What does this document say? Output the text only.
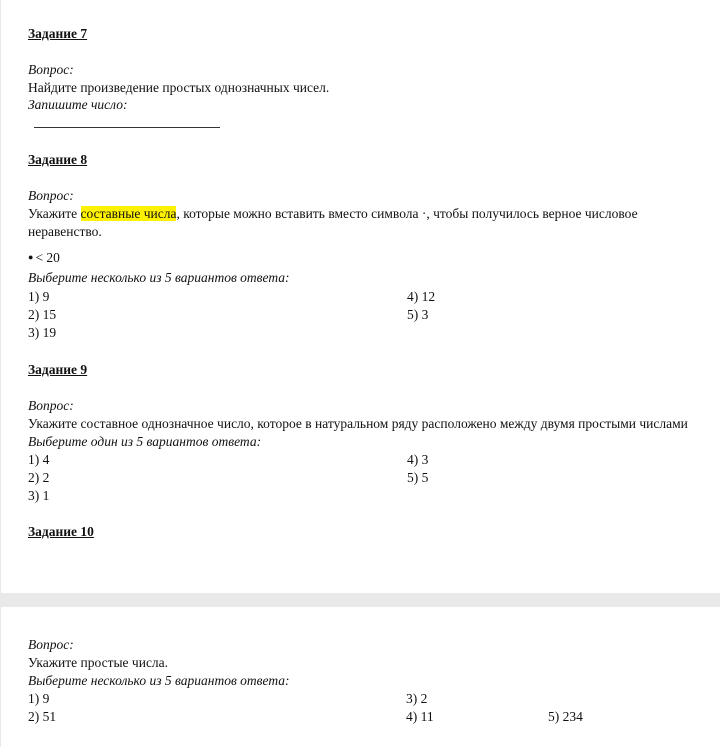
Задание 7
Вопрос:
Найдите произведение простых однозначных чисел.
Запишите число:
Задание 8
Вопрос:
Укажите составные числа, которые можно вставить вместо символа ·, чтобы получилось верное числовое
неравенство.
● < 20
Выберите несколько из 5 вариантов ответа:
1) 9
2) 15
3) 19
4) 12
5) 3
Задание 9
Вопрос:
Укажите составное однозначное число, которое в натуральном ряду расположено между двумя простыми числами
Выберите один из 5 вариантов ответа:
1) 4
2) 2
3) 1
4) 3
5) 5
Задание 10
Вопрос:
Укажите простые числа.
Выберите несколько из 5 вариантов ответа:
1) 9
2) 51
3) 2
4) 11	5) 234
